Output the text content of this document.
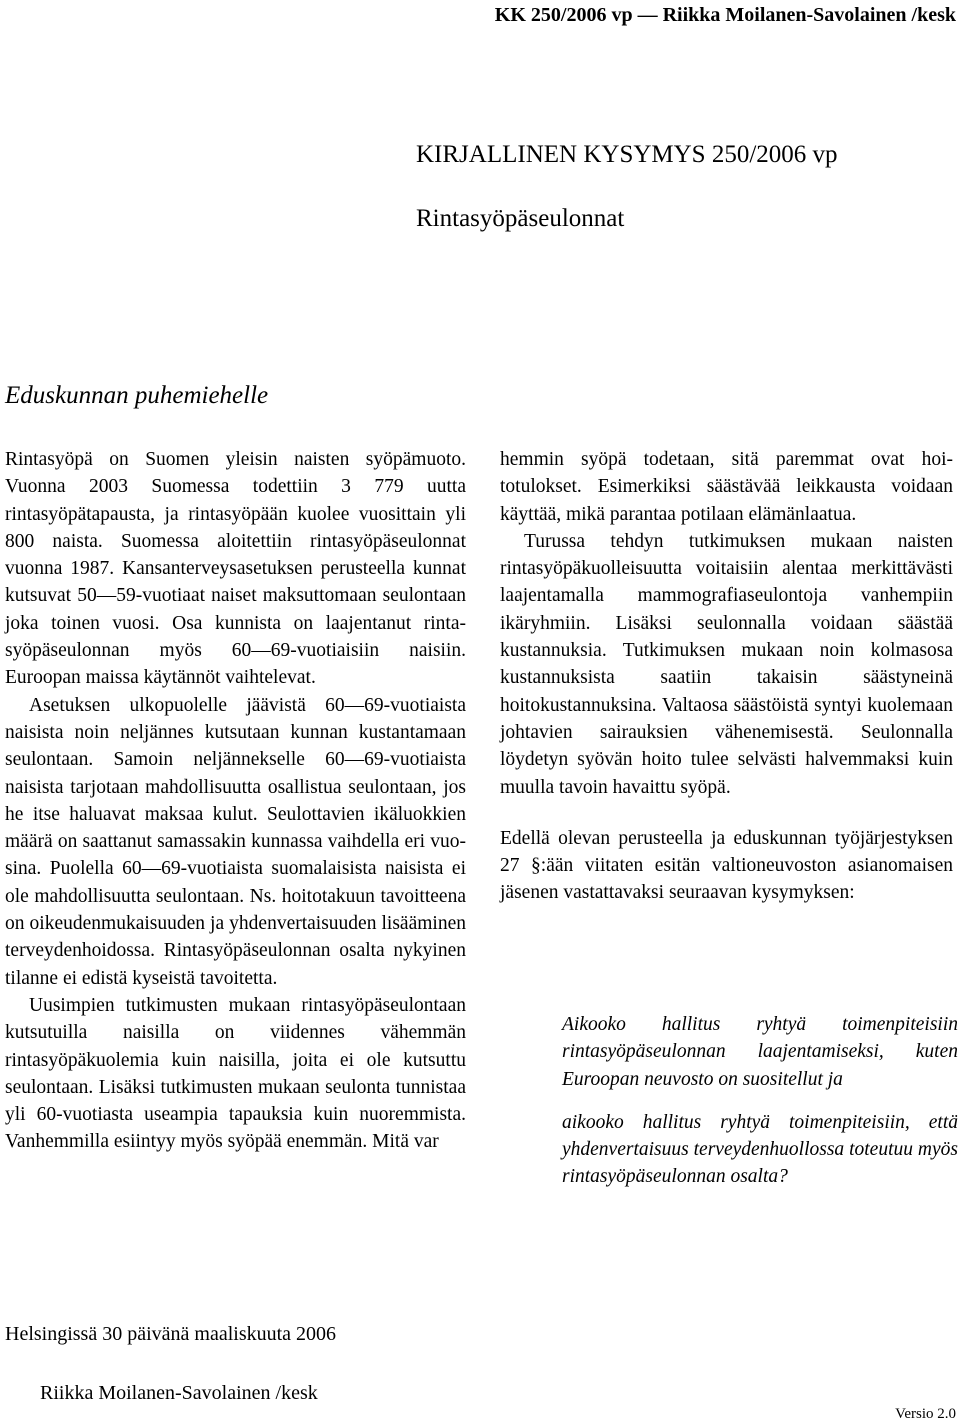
KK 250/2006 vp — Riikka Moilanen-Savolainen /kesk
KIRJALLINEN KYSYMYS 250/2006 vp
Rintasyöpäseulonnat
Eduskunnan puhemiehelle

Rintasyöpä on Suomen yleisin naisten syöpämuoto. Vuonna 2003 Suomessa todettiin 3 779 uutta rintasyöpätapausta, ja rintasyöpään kuolee vuosittain yli 800 naista. Suomessa aloitettiin rintasyöpäseulonnat vuonna 1987. Kansanterveysasetuksen perusteella kunnat kutsuvat 50—59-vuotiaat naiset maksuttomaan seulontaan joka toinen vuosi. Osa kunnista on laajentanut rintasyöpäseulonnan myös 60—69-vuotiaisiin naisiin. Euroopan maissa käytännöt vaihtelevat.

Asetuksen ulkopuolelle jäävistä 60—69-vuotiaista naisista noin neljännes kutsutaan kunnan kustantamaan seulontaan. Samoin neljännekselle 60—69-vuotiaista naisista tarjotaan mahdollisuutta osallistua seulontaan, jos he itse haluavat maksaa kulut. Seulottavien ikäluokkien määrä on saattanut samassakin kunnassa vaihdella eri vuosina. Puolella 60—69-vuotiaista suomalaisista naisista ei ole mahdollisuutta seulontaan. Ns. hoitotakuun tavoitteena on oikeudenmukaisuuden ja yhdenvertaisuuden lisääminen terveydenhoidossa. Rintasyöpäseulonnan osalta nykyinen tilanne ei edistä kyseistä tavoitetta.

Uusimpien tutkimusten mukaan rintasyöpäseulontaan kutsutuilla naisilla on viidennes vähemmän rintasyöpäkuolemia kuin naisilla, joita ei ole kutsuttu seulontaan. Lisäksi tutkimusten mukaan seulonta tunnistaa yli 60-vuotiasta useampia tapauksia kuin nuoremmista. Vanhemmilla esiintyy myös syöpää enemmän. Mitä var

hemmin syöpä todetaan, sitä paremmat ovat hoitotulokset. Esimerkiksi säästävää leikkausta voidaan käyttää, mikä parantaa potilaan elämänlaatua.

Turussa tehdyn tutkimuksen mukaan naisten rintasyöpäkuolleisuutta voitaisiin alentaa merkittävästi laajentamalla mammografiaseulontoja vanhempiin ikäryhmiin. Lisäksi seulonnalla voidaan säästää kustannuksia. Tutkimuksen mukaan noin kolmasosa kustannuksista saatiin takaisin säästyneinä hoitokustannuksina. Valtaosa säästöistä syntyi kuolemaan johtavien sairauksien vähenemisestä. Seulonnalla löydetyn syövän hoito tulee selvästi halvemmaksi kuin muulla tavoin havaittu syöpä.

Edellä olevan perusteella ja eduskunnan työjärjestyksen 27 §:ään viitaten esitän valtioneuvoston asianomaisen jäsenen vastattavaksi seuraavan kysymyksen:

Aikooko hallitus ryhtyä toimenpiteisiin rintasyöpäseulonnan laajentamiseksi, kuten Euroopan neuvosto on suositellut ja

aikooko hallitus ryhtyä toimenpiteisiin, että yhdenvertaisuus terveydenhuollossa toteutuu myös rintasyöpäseulonnan osalta?

Helsingissä 30 päivänä maaliskuuta 2006
Riikka Moilanen-Savolainen /kesk
Versio 2.0
